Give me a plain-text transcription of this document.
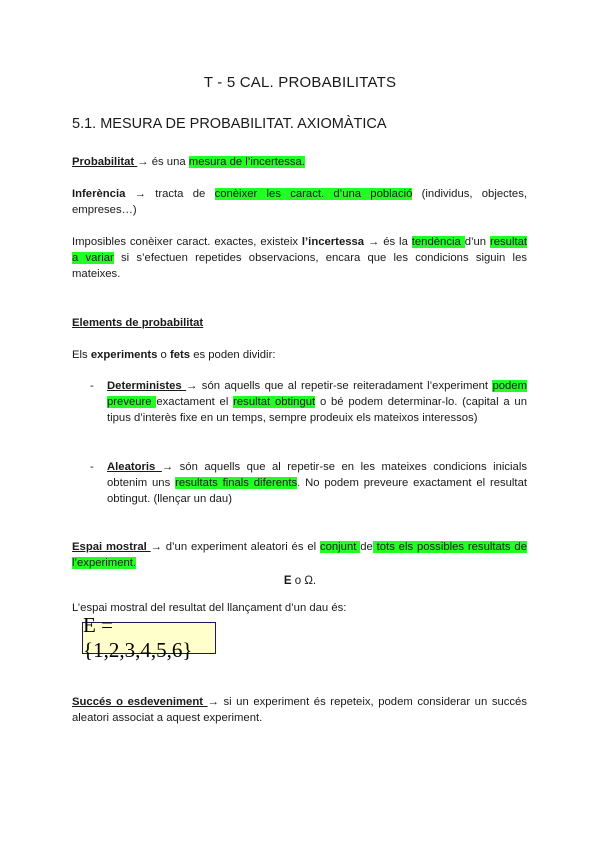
T - 5 CAL. PROBABILITATS
5.1. MESURA DE PROBABILITAT. AXIOMÀTICA
Probabilitat → és una mesura de l’incertessa.
Inferència → tracta de conèixer les caract. d’una població (individus, objectes, empreses…)
Imposibles conèixer caract. exactes, existeix l’incertessa → és la tendència d’un resultat a variar si s’efectuen repetides observacions, encara que les condicions siguin les mateixes.
Elements de probabilitat
Els experiments o fets es poden dividir:
- Deterministes → són aquells que al repetir-se reiteradament l’experiment podem preveure exactament el resultat obtingut o bé podem determinar-lo. (capital a un tipus d’interès fixe en un temps, sempre prodeuix els mateixos interessos)
- Aleatoris → són aquells que al repetir-se en les mateixes condicions inicials obtenim uns resultats finals diferents. No podem preveure exactament el resultat obtingut. (llençar un dau)
Espai mostral → d’un experiment aleatori és el conjunt de tots els possibles resultats de l’experiment.
E o Ω.
L’espai mostral del resultat del llançament d’un dau és:
E = {1,2,3,4,5,6}
Succés o esdeveniment → si un experiment és repeteix, podem considerar un succés aleatori associat a aquest experiment.
